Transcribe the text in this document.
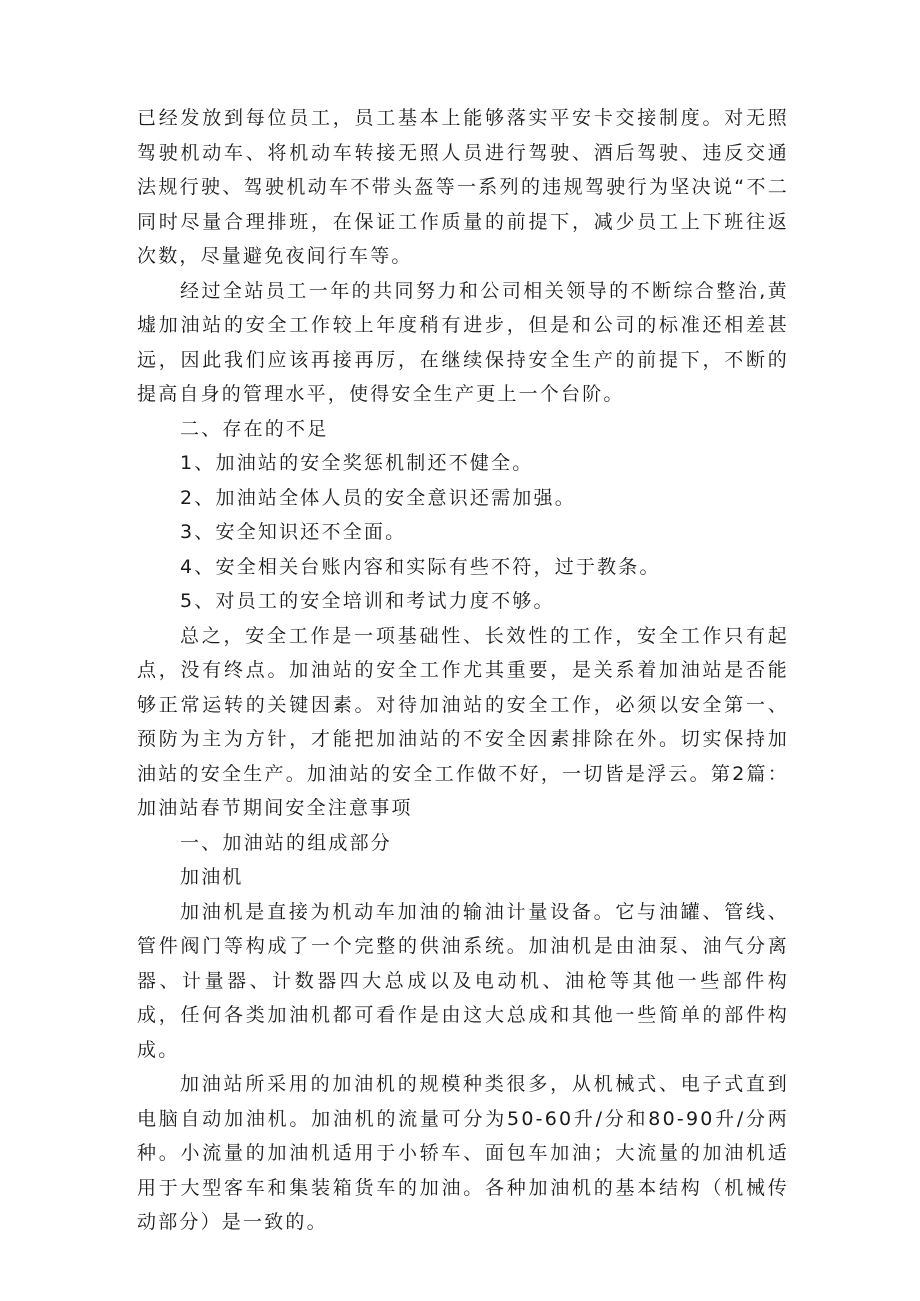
已经发放到每位员工，员工基本上能够落实平安卡交接制度。对无照驾驶机动车、将机动车转接无照人员进行驾驶、酒后驾驶、违反交通法规行驶、驾驶机动车不带头盔等一系列的违规驾驶行为坚决说“不二同时尽量合理排班，在保证工作质量的前提下，减少员工上下班往返次数，尽量避免夜间行车等。

经过全站员工一年的共同努力和公司相关领导的不断综合整治,黄墟加油站的安全工作较上年度稍有进步，但是和公司的标准还相差甚远，因此我们应该再接再厉，在继续保持安全生产的前提下，不断的提高自身的管理水平，使得安全生产更上一个台阶。

二、存在的不足

1、加油站的安全奖惩机制还不健全。

2、加油站全体人员的安全意识还需加强。

3、安全知识还不全面。

4、安全相关台账内容和实际有些不符，过于教条。

5、对员工的安全培训和考试力度不够。

总之，安全工作是一项基础性、长效性的工作，安全工作只有起点，没有终点。加油站的安全工作尤其重要，是关系着加油站是否能够正常运转的关键因素。对待加油站的安全工作，必须以安全第一、预防为主为方针，才能把加油站的不安全因素排除在外。切实保持加油站的安全生产。加油站的安全工作做不好，一切皆是浮云。第2篇：加油站春节期间安全注意事项

一、加油站的组成部分

加油机

加油机是直接为机动车加油的输油计量设备。它与油罐、管线、管件阀门等构成了一个完整的供油系统。加油机是由油泵、油气分离器、计量器、计数器四大总成以及电动机、油枪等其他一些部件构成，任何各类加油机都可看作是由这大总成和其他一些简单的部件构成。

加油站所采用的加油机的规模种类很多，从机械式、电子式直到电脑自动加油机。加油机的流量可分为50-60升/分和80-90升/分两种。小流量的加油机适用于小轿车、面包车加油；大流量的加油机适用于大型客车和集装箱货车的加油。各种加油机的基本结构（机械传动部分）是一致的。
